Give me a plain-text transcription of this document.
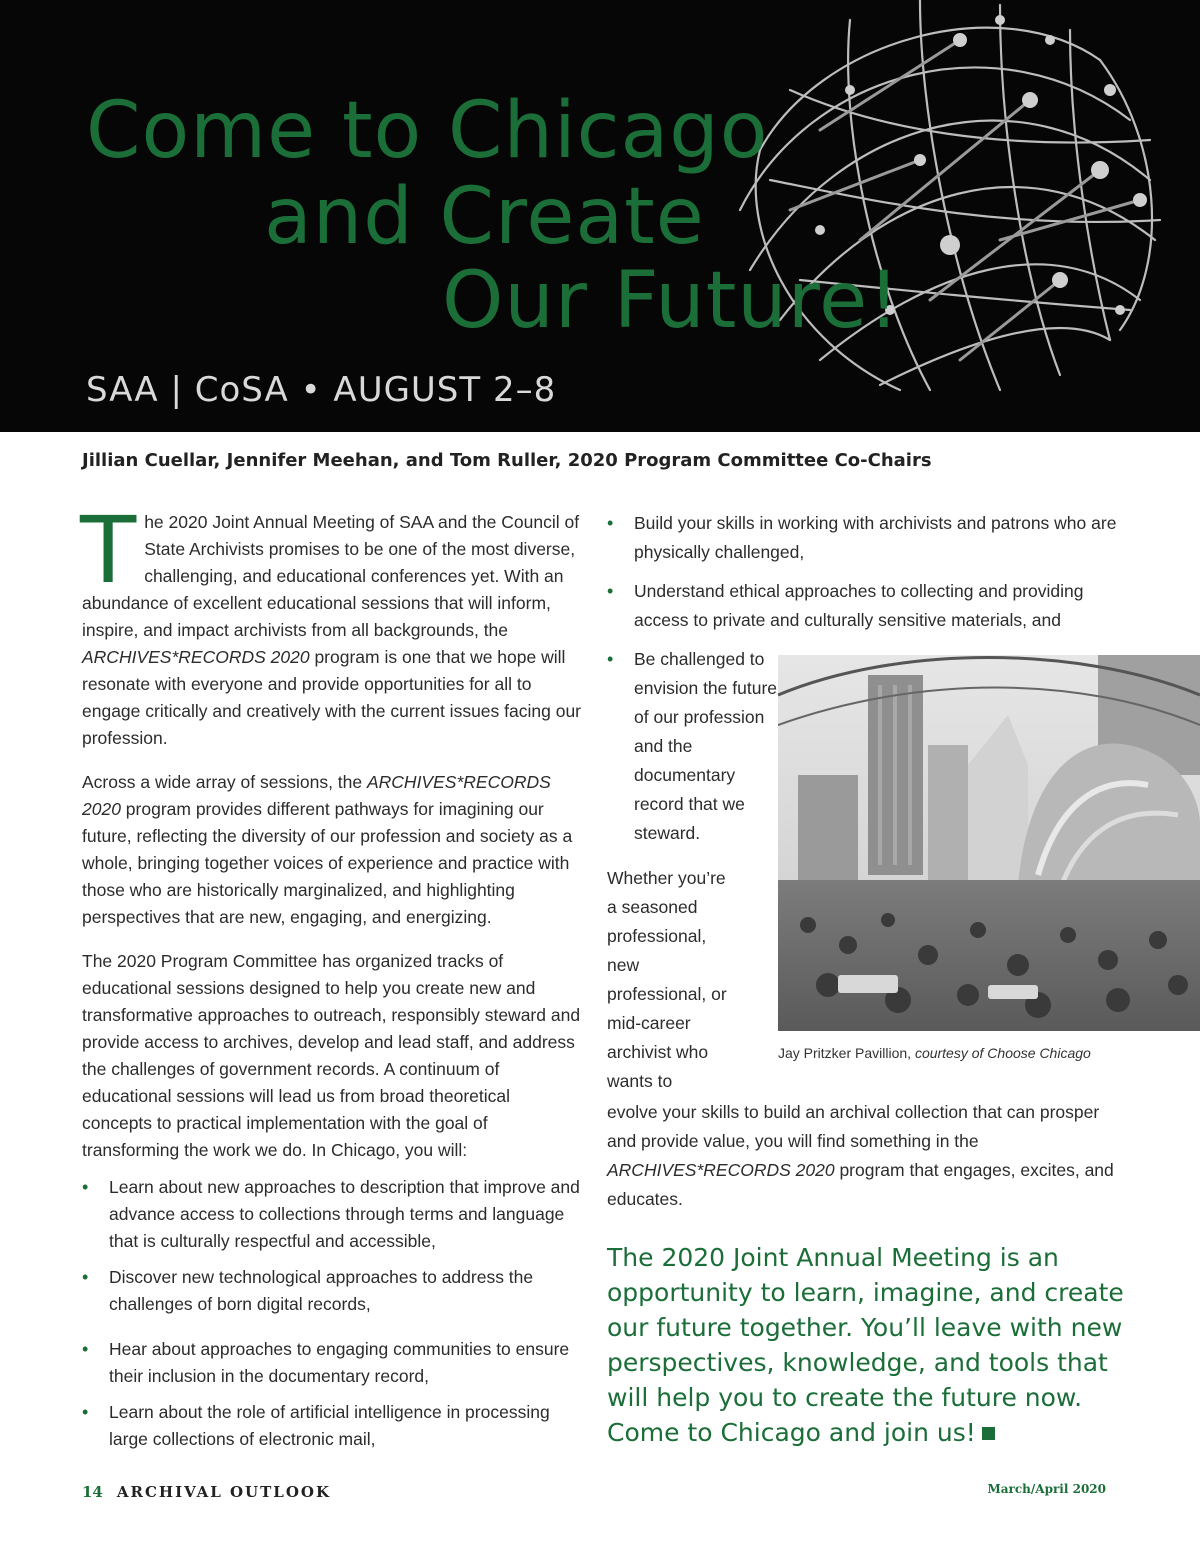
Come to Chicago
and Create
Our Future!
SAA | CoSA • AUGUST 2–8
Jillian Cuellar, Jennifer Meehan, and Tom Ruller, 2020 Program Committee Co-Chairs

The 2020 Joint Annual Meeting of SAA and the Council of State Archivists promises to be one of the most diverse, challenging, and educational conferences yet. With an abundance of excellent educational sessions that will inform, inspire, and impact archivists from all backgrounds, the ARCHIVES*RECORDS 2020 program is one that we hope will resonate with everyone and provide opportunities for all to engage critically and creatively with the current issues facing our profession.

Across a wide array of sessions, the ARCHIVES*RECORDS 2020 program provides different pathways for imagining our future, reflecting the diversity of our profession and society as a whole, bringing together voices of experience and practice with those who are historically marginalized, and highlighting perspectives that are new, engaging, and energizing.

The 2020 Program Committee has organized tracks of educational sessions designed to help you create new and transformative approaches to outreach, responsibly steward and provide access to archives, develop and lead staff, and address the challenges of government records. A continuum of educational sessions will lead us from broad theoretical concepts to practical implementation with the goal of transforming the work we do. In Chicago, you will:

• Learn about new approaches to description that improve and advance access to collections through terms and language that is culturally respectful and accessible,
• Discover new technological approaches to address the challenges of born digital records,
• Hear about approaches to engaging communities to ensure their inclusion in the documentary record,
• Learn about the role of artificial intelligence in processing large collections of electronic mail,
• Build your skills in working with archivists and patrons who are physically challenged,
• Understand ethical approaches to collecting and providing access to private and culturally sensitive materials, and
• Be challenged to envision the future of our profession and the documentary record that we steward.

Whether you’re a seasoned professional, new professional, or mid-career archivist who wants to

evolve your skills to build an archival collection that can prosper and provide value, you will find something in the ARCHIVES*RECORDS 2020 program that engages, excites, and educates.

Jay Pritzker Pavillion, courtesy of Choose Chicago
The 2020 Joint Annual Meeting is an opportunity to learn, imagine, and create our future together. You’ll leave with new perspectives, knowledge, and tools that will help you to create the future now. Come to Chicago and join us!
14 ARCHIVAL OUTLOOK	March/April 2020
